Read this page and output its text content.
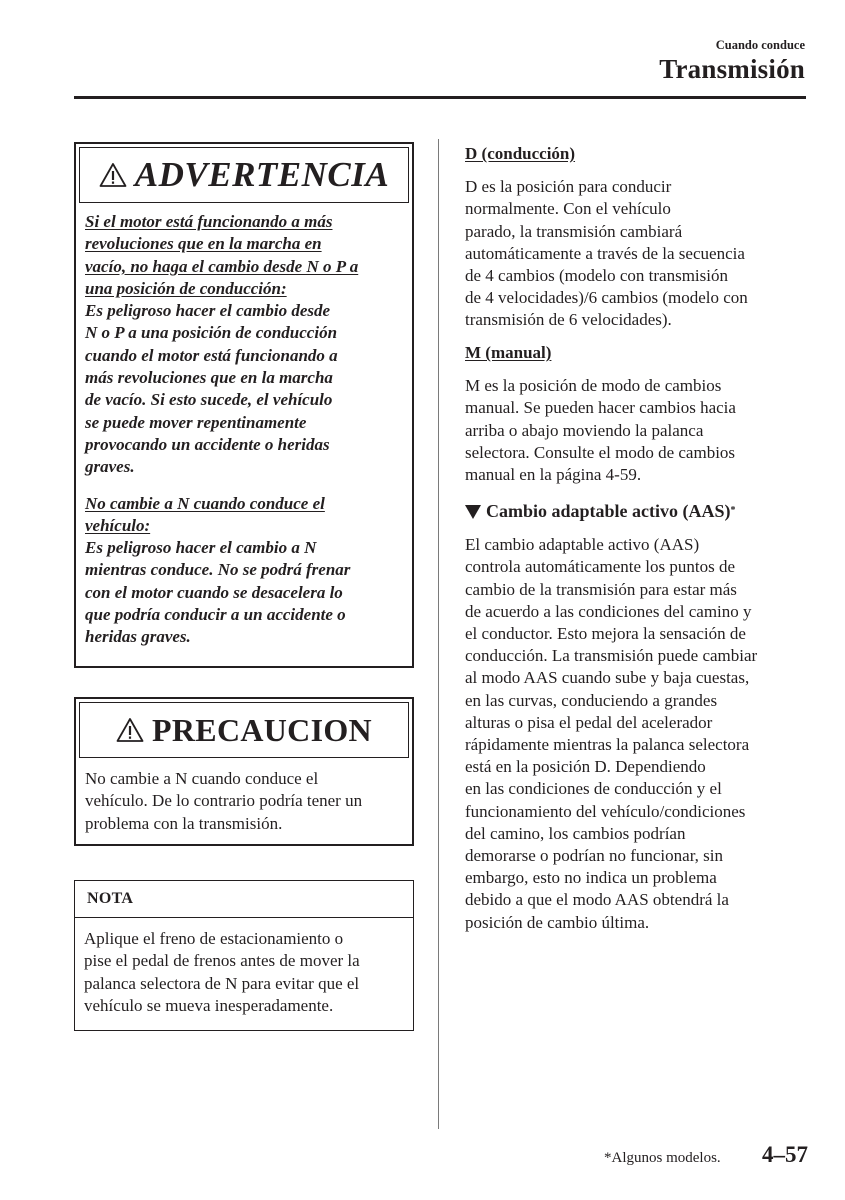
Cuando conduce
Transmisión
ADVERTENCIA
Si el motor está funcionando a más
revoluciones que en la marcha en
vacío, no haga el cambio desde N o P a
una posición de conducción:
Es peligroso hacer el cambio desde
N o P a una posición de conducción
cuando el motor está funcionando a
más revoluciones que en la marcha
de vacío. Si esto sucede, el vehículo
se puede mover repentinamente
provocando un accidente o heridas
graves.
No cambie a N cuando conduce el
vehículo:
Es peligroso hacer el cambio a N
mientras conduce. No se podrá frenar
con el motor cuando se desacelera lo
que podría conducir a un accidente o
heridas graves.
PRECAUCION
No cambie a N cuando conduce el
vehículo. De lo contrario podría tener un
problema con la transmisión.
NOTA
Aplique el freno de estacionamiento o
pise el pedal de frenos antes de mover la
palanca selectora de N para evitar que el
vehículo se mueva inesperadamente.
D (conducción)
D es la posición para conducir
normalmente. Con el vehículo
parado, la transmisión cambiará
automáticamente a través de la secuencia
de 4 cambios (modelo con transmisión
de 4 velocidades)/6 cambios (modelo con
transmisión de 6 velocidades).
M (manual)
M es la posición de modo de cambios
manual. Se pueden hacer cambios hacia
arriba o abajo moviendo la palanca
selectora. Consulte el modo de cambios
manual en la página 4-59.
Cambio adaptable activo (AAS) *
El cambio adaptable activo (AAS)
controla automáticamente los puntos de
cambio de la transmisión para estar más
de acuerdo a las condiciones del camino y
el conductor. Esto mejora la sensación de
conducción. La transmisión puede cambiar
al modo AAS cuando sube y baja cuestas,
en las curvas, conduciendo a grandes
alturas o pisa el pedal del acelerador
rápidamente mientras la palanca selectora
está en la posición D. Dependiendo
en las condiciones de conducción y el
funcionamiento del vehículo/condiciones
del camino, los cambios podrían
demorarse o podrían no funcionar, sin
embargo, esto no indica un problema
debido a que el modo AAS obtendrá la
posición de cambio última.
*Algunos modelos. 4–57
